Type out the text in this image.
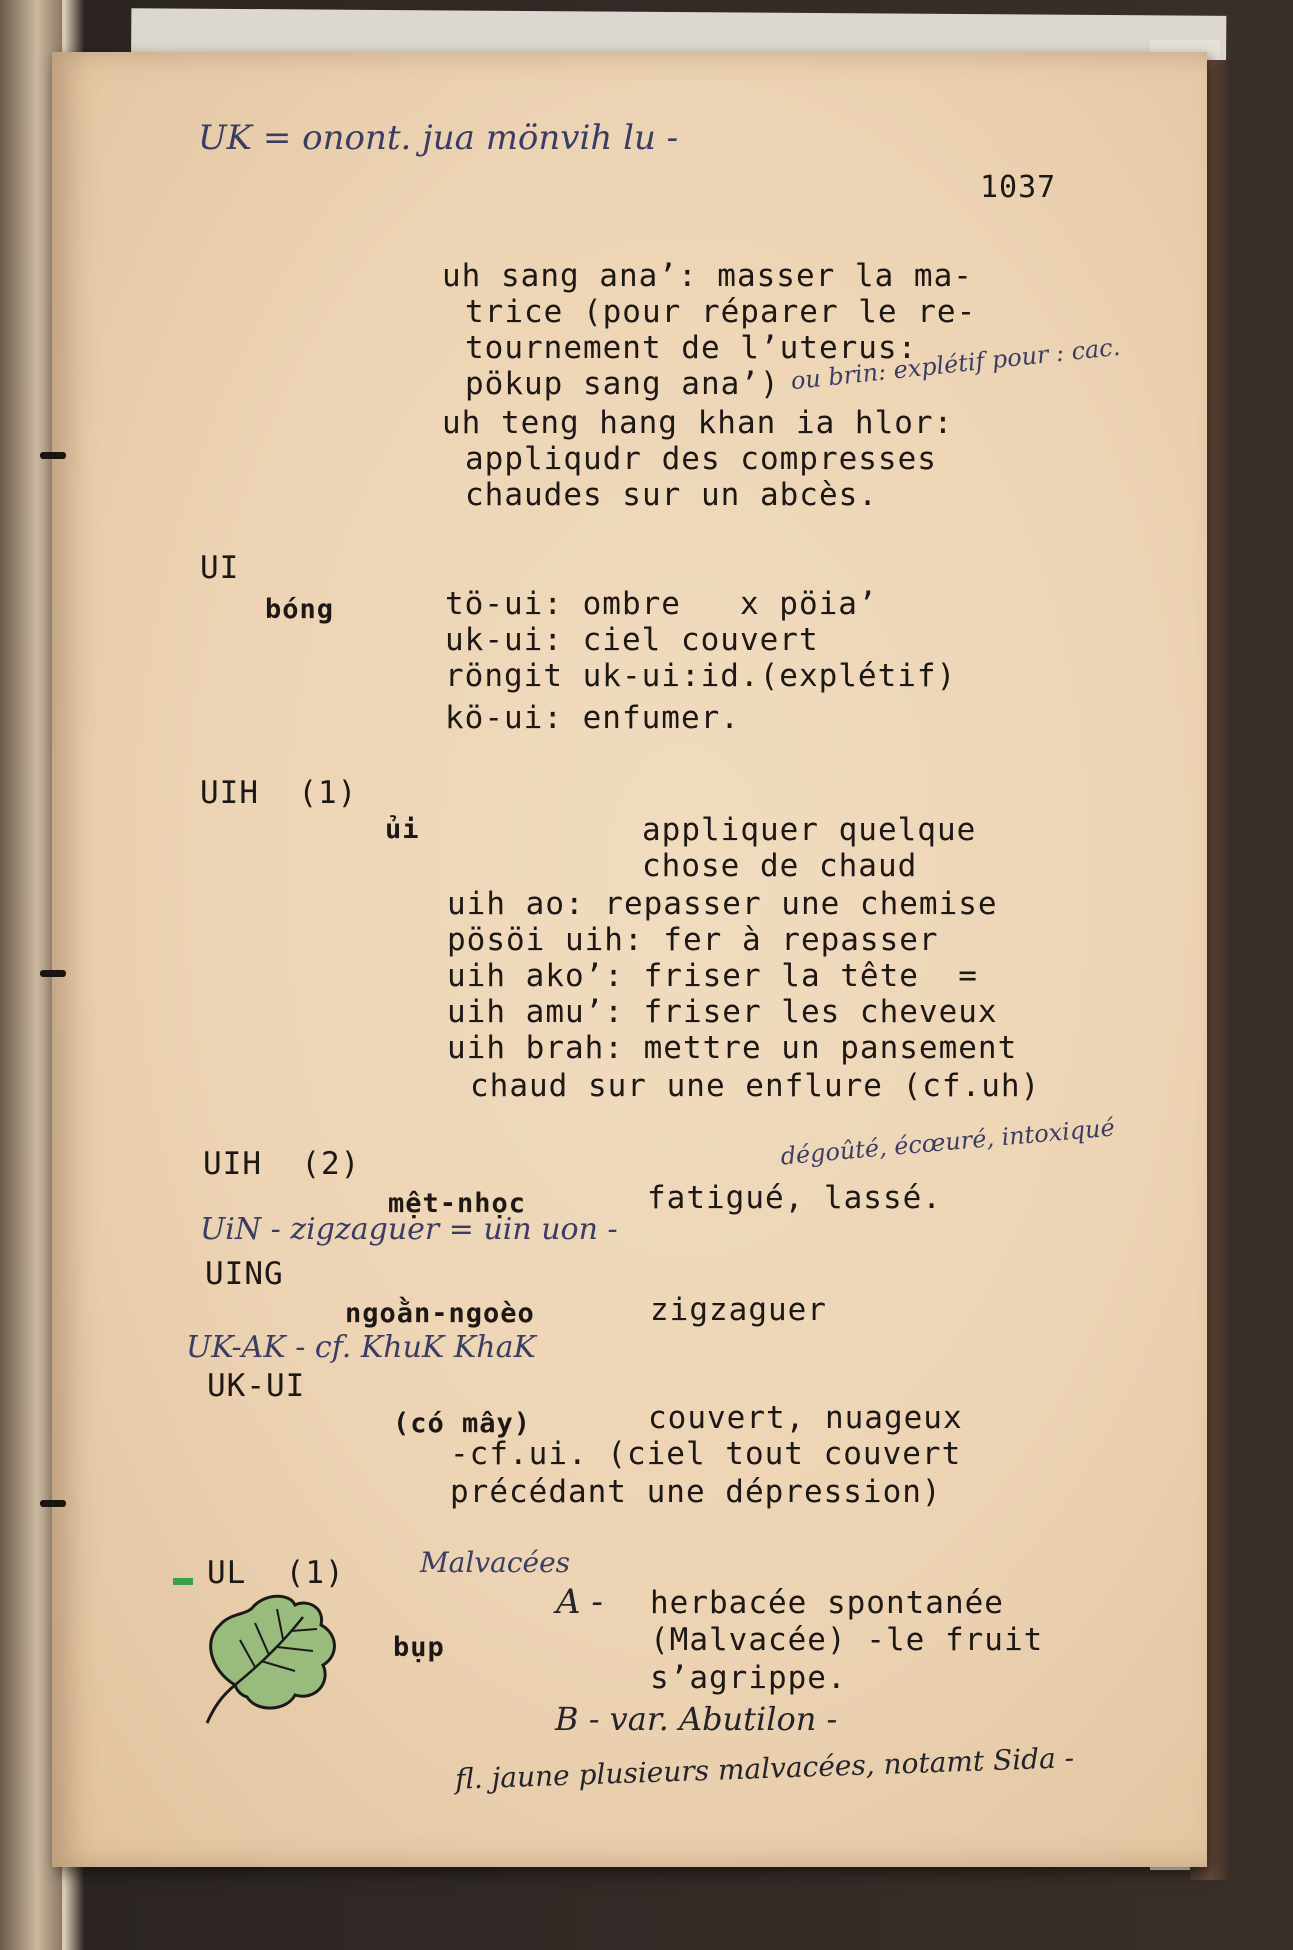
UK = onont. jua mönvih lu -
1037
uh sang ana’: masser la ma-
trice (pour réparer le re-
tournement de l’uterus:
pökup sang ana’)
uh teng hang khan ia hlor:
appliqudr des compresses
chaudes sur un abcès.
ou brin: explétif pour : cac.
UI
bóng	tö-ui: ombre   x pöia’
uk-ui: ciel couvert
röngit uk-ui:id.(explétif)
kö-ui: enfumer.
UIH  (1)
ủi	appliquer quelque
chose de chaud
uih ao: repasser une chemise
pösöi uih: fer à repasser
uih ako’: friser la tête  =
uih amu’: friser les cheveux
uih brah: mettre un pansement
chaud sur une enflure (cf.uh)
dégoûté, écœuré, intoxiqué
UIH  (2)
mệt-nhọc	fatigué, lassé.
UiN - zigzaguer = uin uon -
UING
ngoằn-ngoèo	zigzaguer
UK-AK - cf. KhuK KhaK
UK-UI
(có mây)	couvert, nuageux
-cf.ui. (ciel tout couvert
précédant une dépression)
UL  (1)	Malvacées
A - herbacée spontanée
bụp	(Malvacée) -le fruit
s’agrippe.
B - var. Abutilon -
fl. jaune plusieurs malvacées, notamt Sida -
